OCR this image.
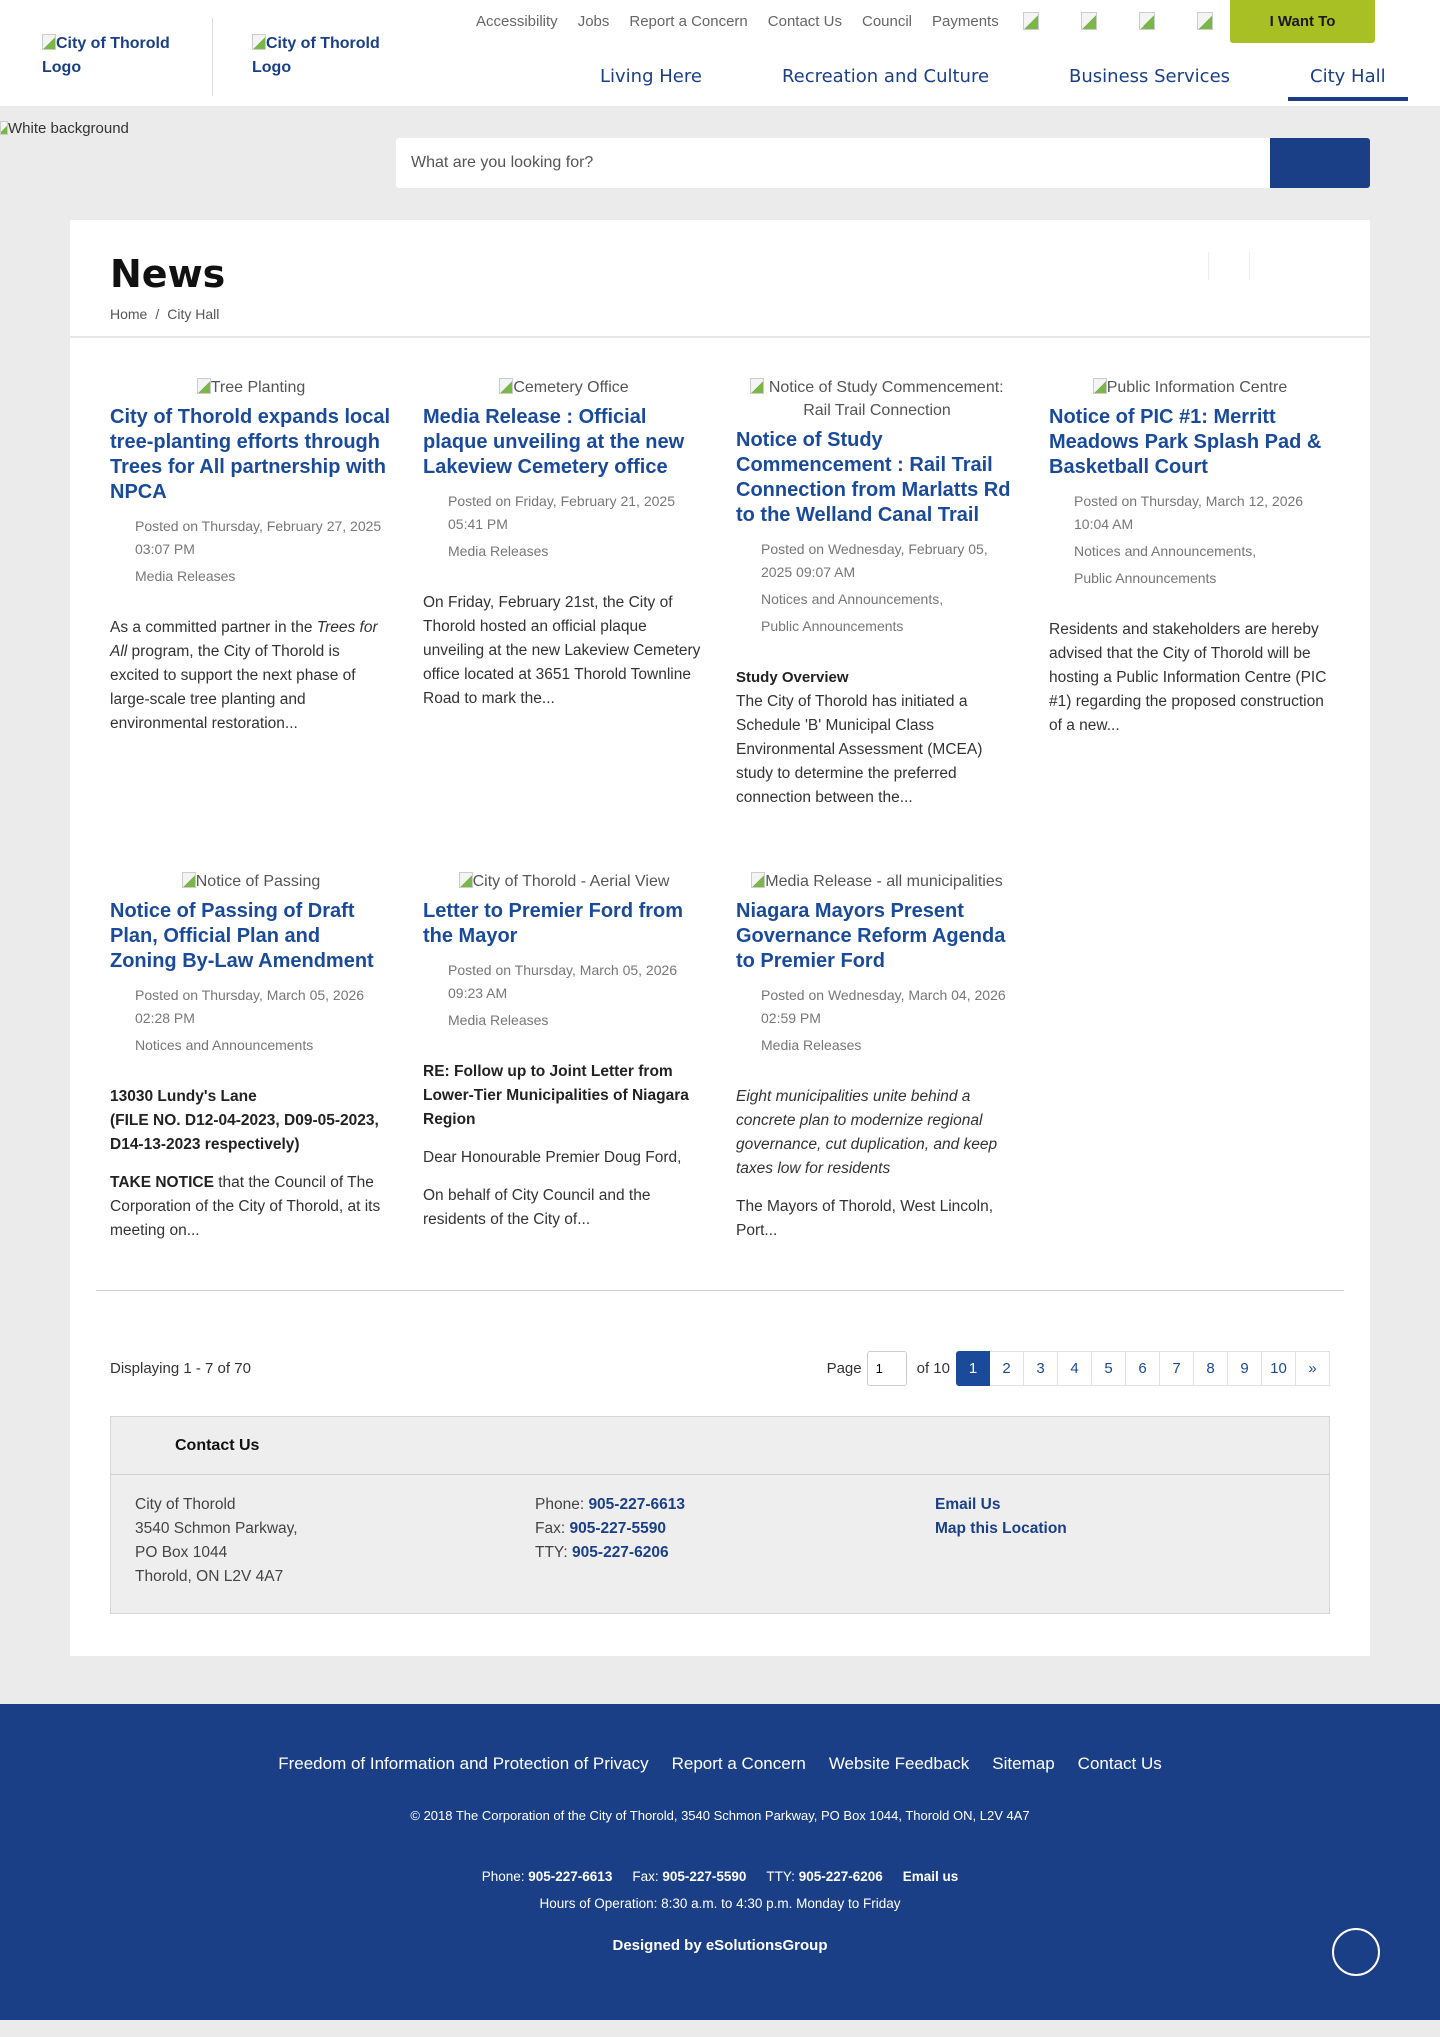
City of Thorold Logo
City of Thorold Logo
Accessibility Jobs Report a Concern Contact Us Council Payments	I Want To
Living Here	Recreation and Culture	Business Services	City Hall
White background
What are you looking for?
News
Home / City Hall
Tree Planting
City of Thorold expands local tree-planting efforts through Trees for All partnership with NPCA
Posted on Thursday, February 27, 2025 03:07 PM
Media Releases

As a committed partner in the Trees for All program, the City of Thorold is excited to support the next phase of large-scale tree planting and environmental restoration...

Cemetery Office
Media Release : Official plaque unveiling at the new Lakeview Cemetery office
Posted on Friday, February 21, 2025 05:41 PM
Media Releases

On Friday, February 21st, the City of Thorold hosted an official plaque unveiling at the new Lakeview Cemetery office located at 3651 Thorold Townline Road to mark the...

Notice of Study Commencement: Rail Trail Connection
Notice of Study Commencement : Rail Trail Connection from Marlatts Rd to the Welland Canal Trail
Posted on Wednesday, February 05, 2025 09:07 AM
Notices and Announcements,
Public Announcements
Study Overview

The City of Thorold has initiated a Schedule 'B' Municipal Class Environmental Assessment (MCEA) study to determine the preferred connection between the...

Public Information Centre
Notice of PIC #1: Merritt Meadows Park Splash Pad & Basketball Court
Posted on Thursday, March 12, 2026 10:04 AM
Notices and Announcements,
Public Announcements

Residents and stakeholders are hereby advised that the City of Thorold will be hosting a Public Information Centre (PIC #1) regarding the proposed construction of a new...

Notice of Passing
Notice of Passing of Draft Plan, Official Plan and Zoning By-Law Amendment
Posted on Thursday, March 05, 2026 02:28 PM
Notices and Announcements

13030 Lundy's Lane
(FILE NO. D12-04-2023, D09-05-2023, D14-13-2023 respectively)

TAKE NOTICE that the Council of The Corporation of the City of Thorold, at its meeting on...

City of Thorold - Aerial View
Letter to Premier Ford from the Mayor
Posted on Thursday, March 05, 2026 09:23 AM
Media Releases

RE: Follow up to Joint Letter from Lower-Tier Municipalities of Niagara Region

Dear Honourable Premier Doug Ford,

On behalf of City Council and the residents of the City of...

Media Release - all municipalities
Niagara Mayors Present Governance Reform Agenda to Premier Ford
Posted on Wednesday, March 04, 2026 02:59 PM
Media Releases

Eight municipalities unite behind a concrete plan to modernize regional governance, cut duplication, and keep taxes low for residents

The Mayors of Thorold, West Lincoln, Port...

Displaying 1 - 7 of 70	Page
1	of 10	1	2	3	4	5	6	7	8	9	10	»
Contact Us
City of Thorold
3540 Schmon Parkway,
PO Box 1044
Thorold, ON L2V 4A7
Phone: 905-227-6613
Fax: 905-227-5590
TTY: 905-227-6206
Email Us
Map this Location
Freedom of Information and Protection of Privacy Report a Concern Website Feedback Sitemap Contact Us
© 2018 The Corporation of the City of Thorold, 3540 Schmon Parkway, PO Box 1044, Thorold ON, L2V 4A7
Phone: 905-227-6613 Fax: 905-227-5590 TTY: 905-227-6206 Email us
Hours of Operation: 8:30 a.m. to 4:30 p.m. Monday to Friday
Designed by eSolutionsGroup
